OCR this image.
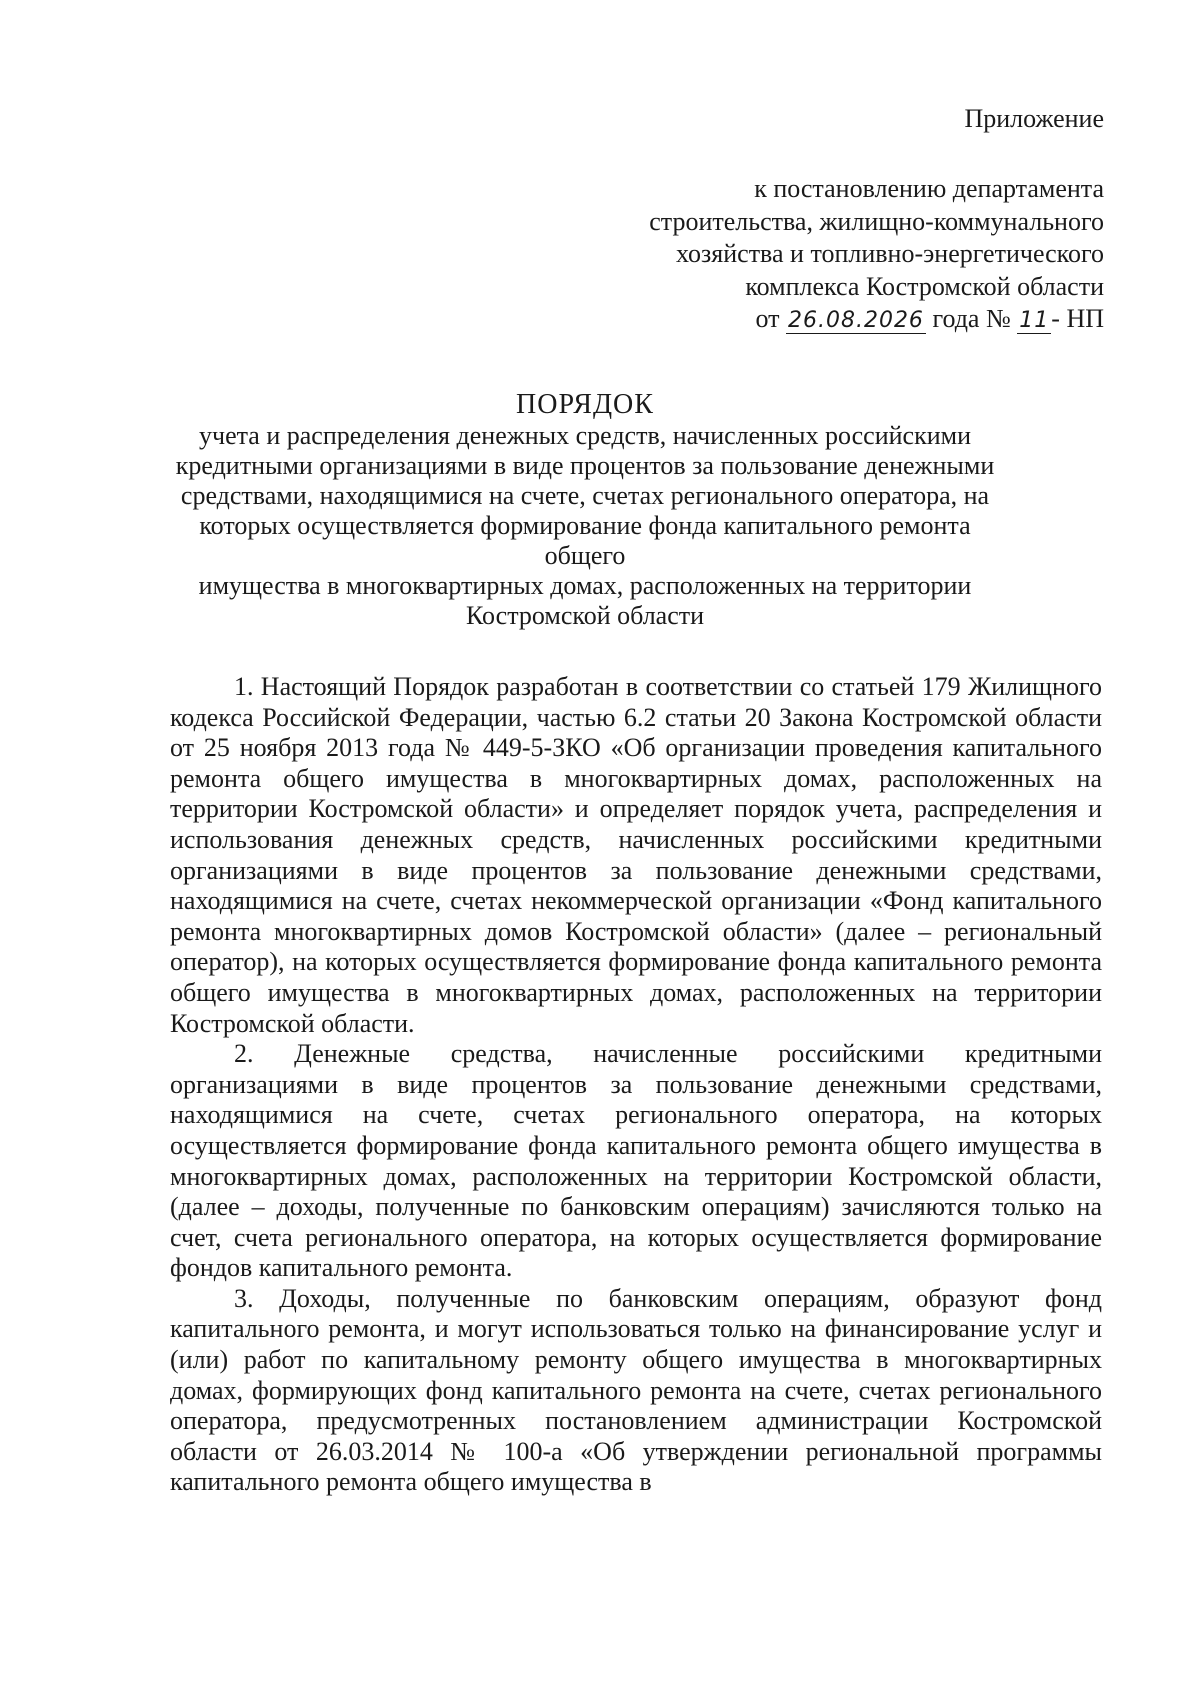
Приложение
к постановлению департамента
строительства, жилищно-коммунального
хозяйства и топливно-энергетического
комплекса Костромской области
от 26.08.2026 года № 11- НП
ПОРЯДОК
учета и распределения денежных средств, начисленных российскими
кредитными организациями в виде процентов за пользование денежными
средствами, находящимися на счете, счетах регионального оператора, на
которых осуществляется формирование фонда капитального ремонта общего
имущества в многоквартирных домах, расположенных на территории
Костромской области

1. Настоящий Порядок разработан в соответствии со статьей 179 Жилищного кодекса Российской Федерации, частью 6.2 статьи 20 Закона Костромской области от 25 ноября 2013 года № 449-5-ЗКО «Об организации проведения капитального ремонта общего имущества в многоквартирных домах, расположенных на территории Костромской области» и определяет порядок учета, распределения и использования денежных средств, начисленных российскими кредитными организациями в виде процентов за пользование денежными средствами, находящимися на счете, счетах некоммерческой организации «Фонд капитального ремонта многоквартирных домов Костромской области» (далее – региональный оператор), на которых осуществляется формирование фонда капитального ремонта общего имущества в многоквартирных домах, расположенных на территории Костромской области.

2. Денежные средства, начисленные российскими кредитными организациями в виде процентов за пользование денежными средствами, находящимися на счете, счетах регионального оператора, на которых осуществляется формирование фонда капитального ремонта общего имущества в многоквартирных домах, расположенных на территории Костромской области, (далее – доходы, полученные по банковским операциям) зачисляются только на счет, счета регионального оператора, на которых осуществляется формирование фондов капитального ремонта.

3. Доходы, полученные по банковским операциям, образуют фонд капитального ремонта, и могут использоваться только на финансирование услуг и (или) работ по капитальному ремонту общего имущества в многоквартирных домах, формирующих фонд капитального ремонта на счете, счетах регионального оператора, предусмотренных постановлением администрации Костромской области от 26.03.2014 № 100-а «Об утверждении региональной программы капитального ремонта общего имущества в
